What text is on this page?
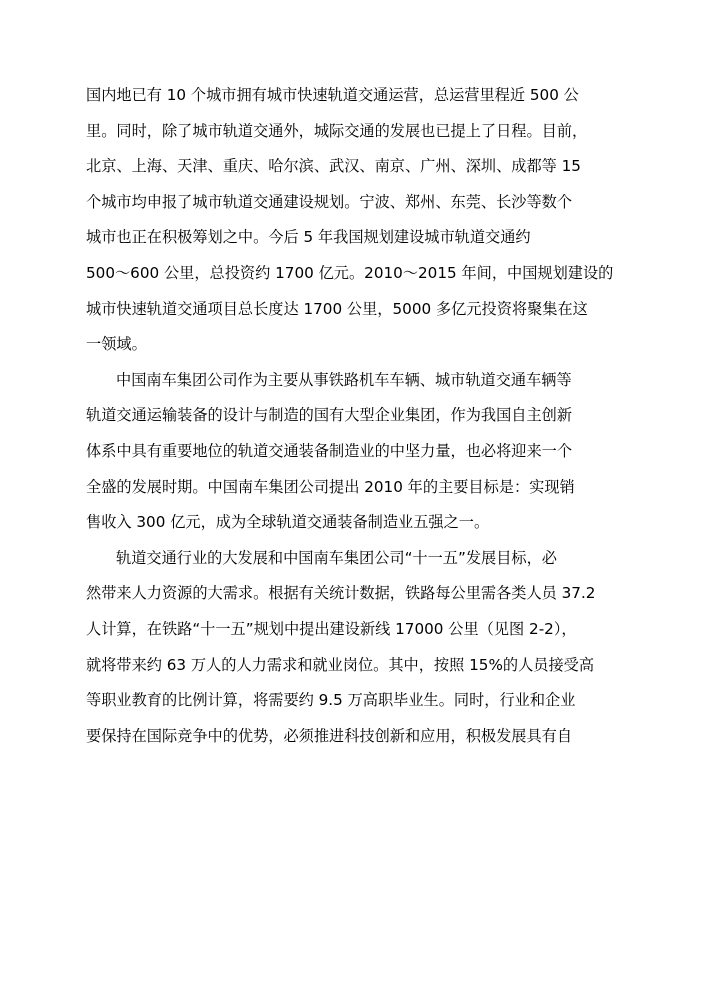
国内地已有 10 个城市拥有城市快速轨道交通运营，总运营里程近 500 公
里。同时，除了城市轨道交通外，城际交通的发展也已提上了日程。目前，
北京、上海、天津、重庆、哈尔滨、武汉、南京、广州、深圳、成都等 15
个城市均申报了城市轨道交通建设规划。宁波、郑州、东莞、长沙等数个
城市也正在积极筹划之中。今后 5 年我国规划建设城市轨道交通约
500～600 公里，总投资约 1700 亿元。2010～2015 年间，中国规划建设的
城市快速轨道交通项目总长度达 1700 公里，5000 多亿元投资将聚集在这
一领域。
中国南车集团公司作为主要从事铁路机车车辆、城市轨道交通车辆等
轨道交通运输装备的设计与制造的国有大型企业集团，作为我国自主创新
体系中具有重要地位的轨道交通装备制造业的中坚力量，也必将迎来一个
全盛的发展时期。中国南车集团公司提出 2010 年的主要目标是：实现销
售收入 300 亿元，成为全球轨道交通装备制造业五强之一。
轨道交通行业的大发展和中国南车集团公司“十一五”发展目标，必
然带来人力资源的大需求。根据有关统计数据，铁路每公里需各类人员 37.2
人计算，在铁路“十一五”规划中提出建设新线 17000 公里（见图 2-2），
就将带来约 63 万人的人力需求和就业岗位。其中，按照 15%的人员接受高
等职业教育的比例计算，将需要约 9.5 万高职毕业生。同时，行业和企业
要保持在国际竞争中的优势，必须推进科技创新和应用，积极发展具有自
